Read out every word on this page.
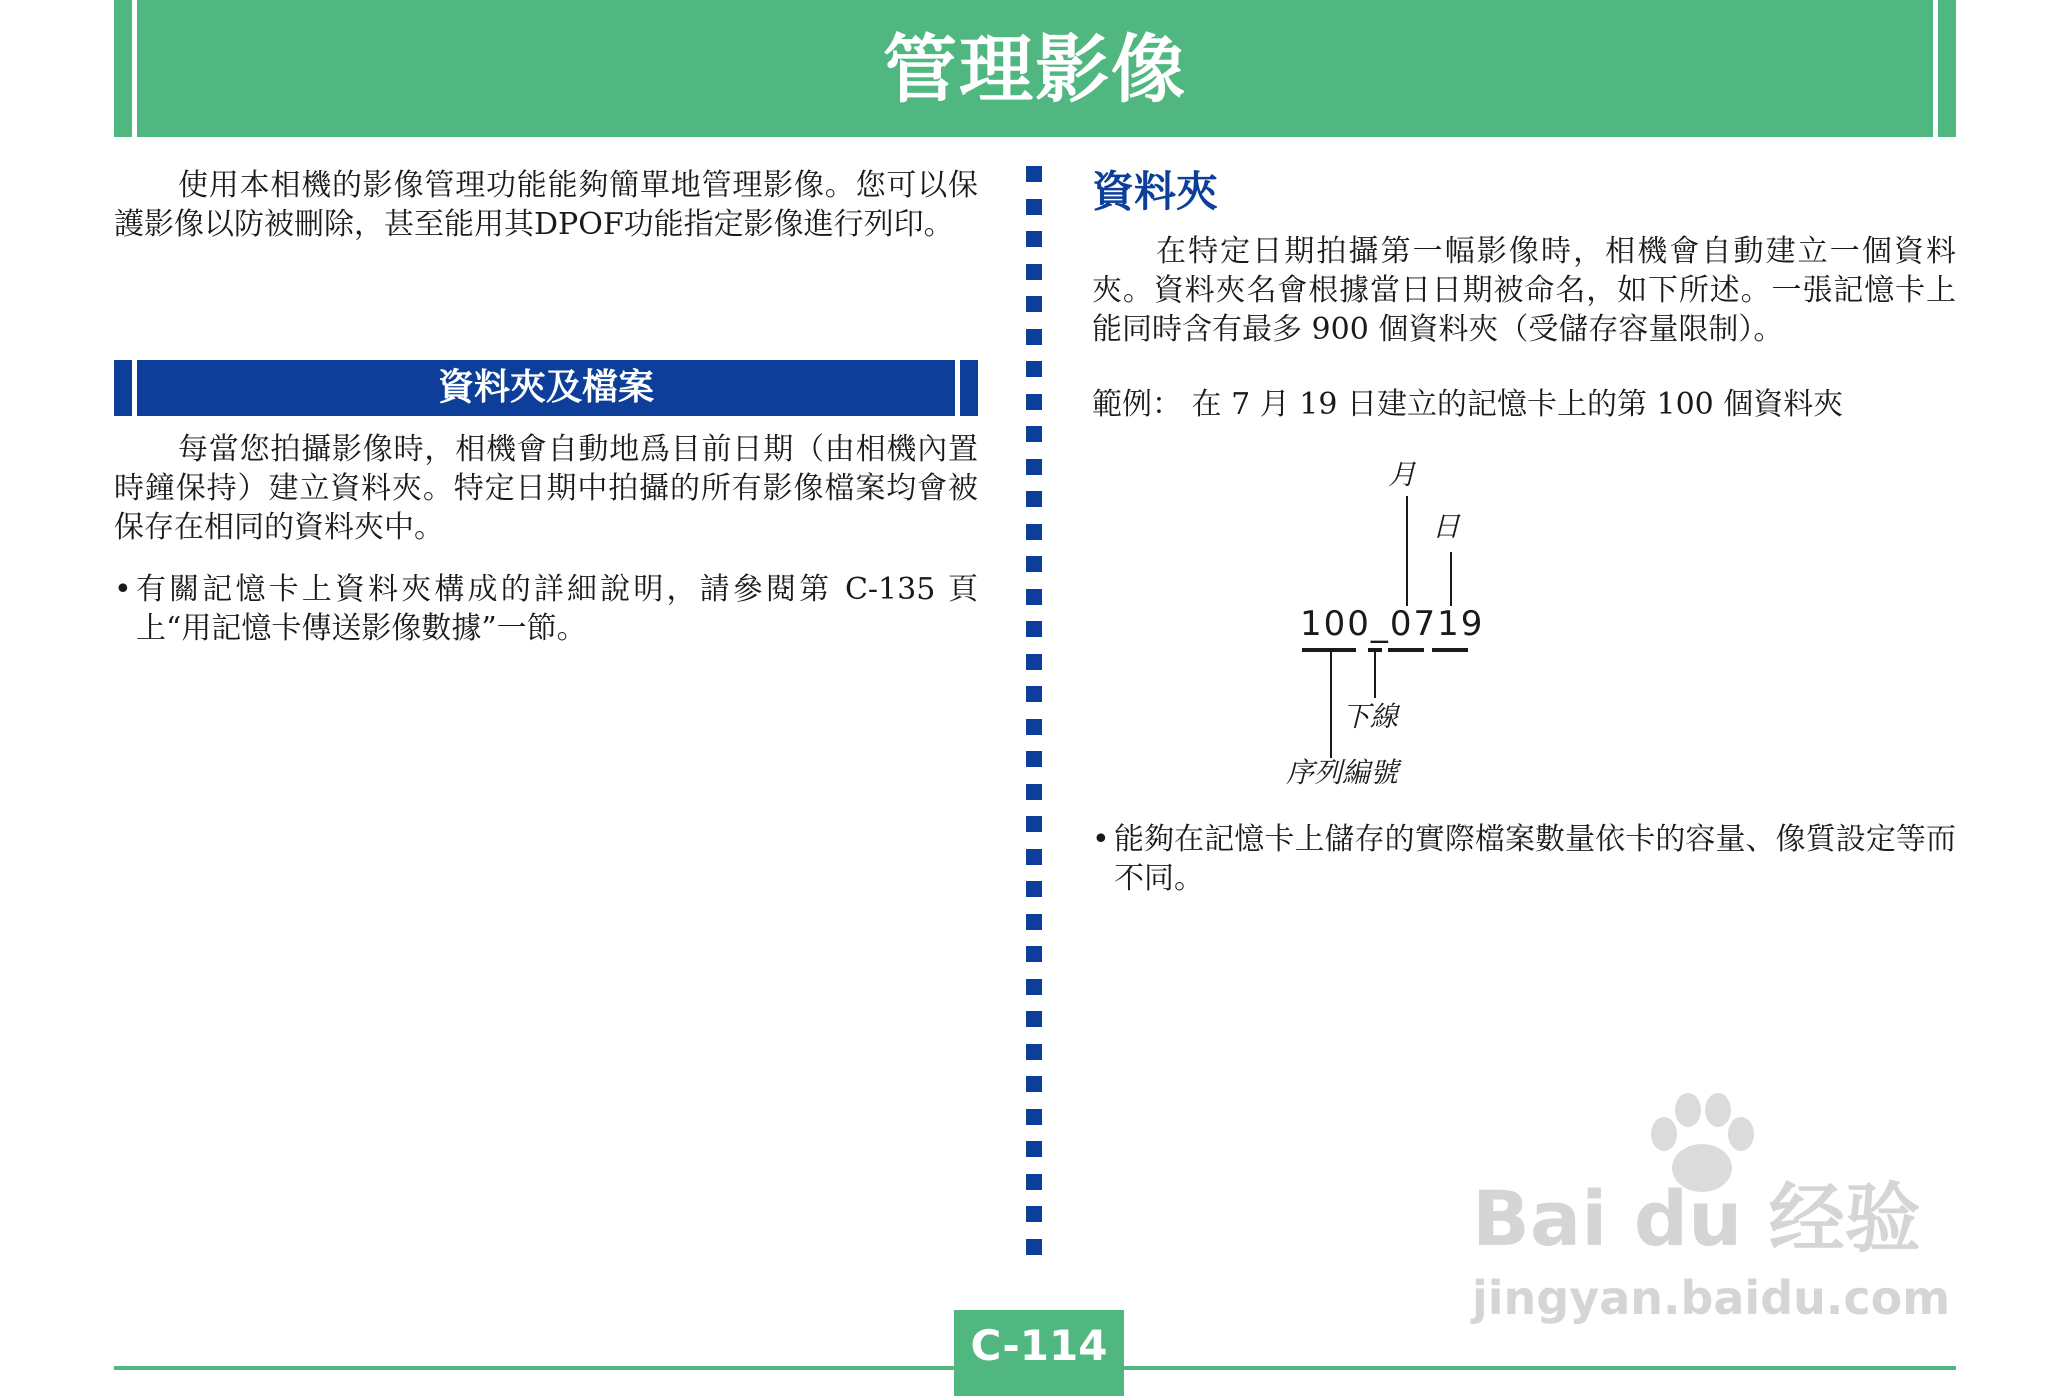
管理影像

使用本相機的影像管理功能能夠簡單地管理影像。您可以保護影像以防被刪除，甚至能用其DPOF功能指定影像進行列印。

資料夾及檔案

每當您拍攝影像時，相機會自動地爲目前日期（由相機內置時鐘保持）建立資料夾。特定日期中拍攝的所有影像檔案均會被保存在相同的資料夾中。

• 有關記憶卡上資料夾構成的詳細說明，請參閱第 C-135 頁上“用記憶卡傳送影像數據”一節。

資料夾

在特定日期拍攝第一幅影像時，相機會自動建立一個資料夾。資料夾名會根據當日日期被命名，如下所述。一張記憶卡上能同時含有最多 900 個資料夾（受儲存容量限制）。

範例： 在 7 月 19 日建立的記憶卡上的第 100 個資料夾

月
日
100_0719
下線
序列編號
• 能夠在記憶卡上儲存的實際檔案數量依卡的容量、像質設定等而不同。

Bai du 经验
jingyan.baidu.com
C-114
